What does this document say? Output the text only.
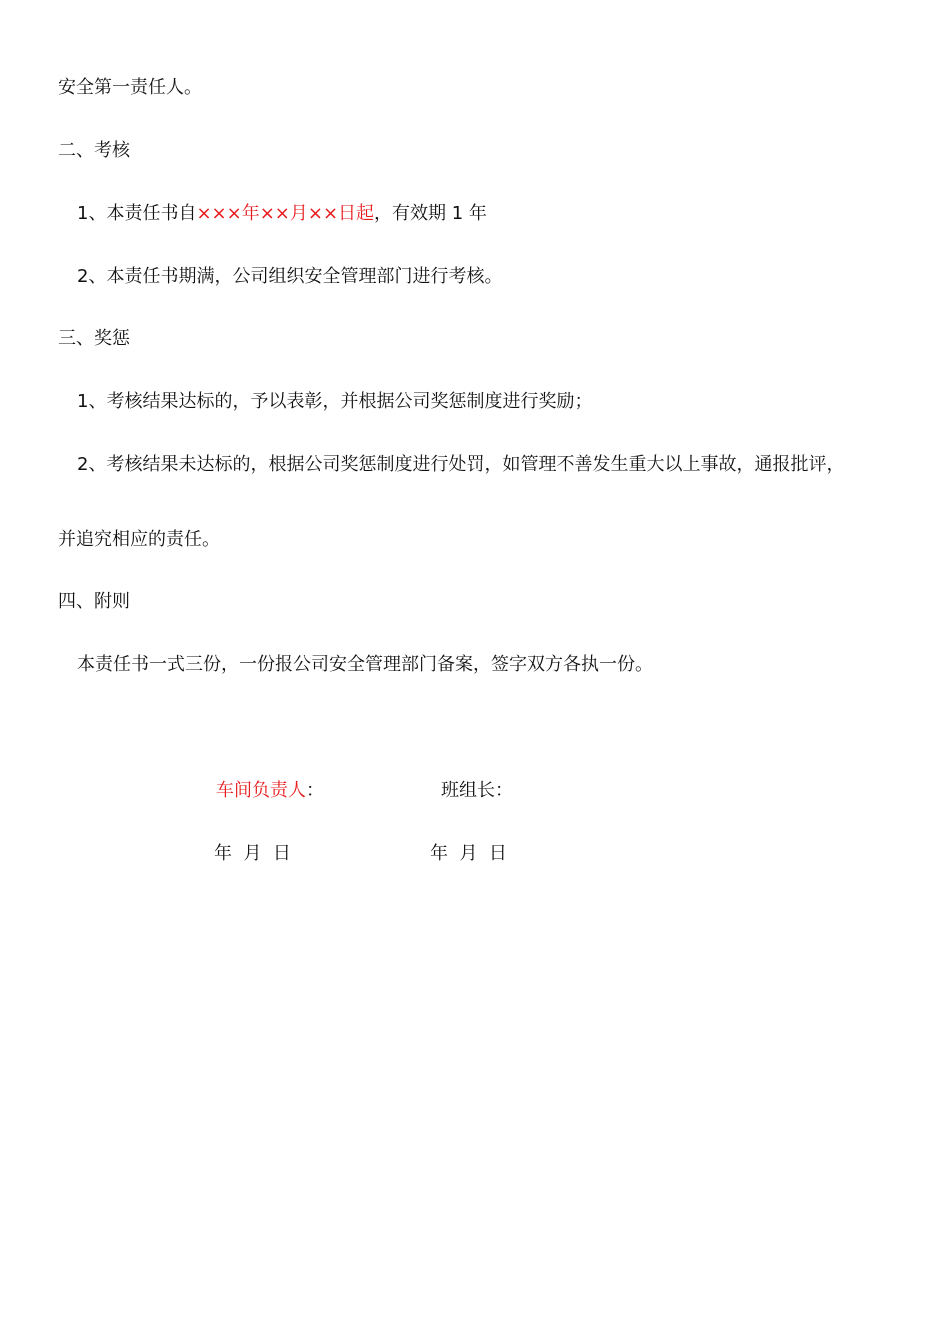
安全第一责任人。
二、考核
1、本责任书自×××年××月××日起，有效期 1 年
2、本责任书期满，公司组织安全管理部门进行考核。
三、奖惩
1、考核结果达标的，予以表彰，并根据公司奖惩制度进行奖励；
2、考核结果未达标的，根据公司奖惩制度进行处罚，如管理不善发生重大以上事故，通报批评，
并追究相应的责任。
四、附则
本责任书一式三份，一份报公司安全管理部门备案，签字双方各执一份。
车间负责人：	班组长：
年  月  日	年  月  日
